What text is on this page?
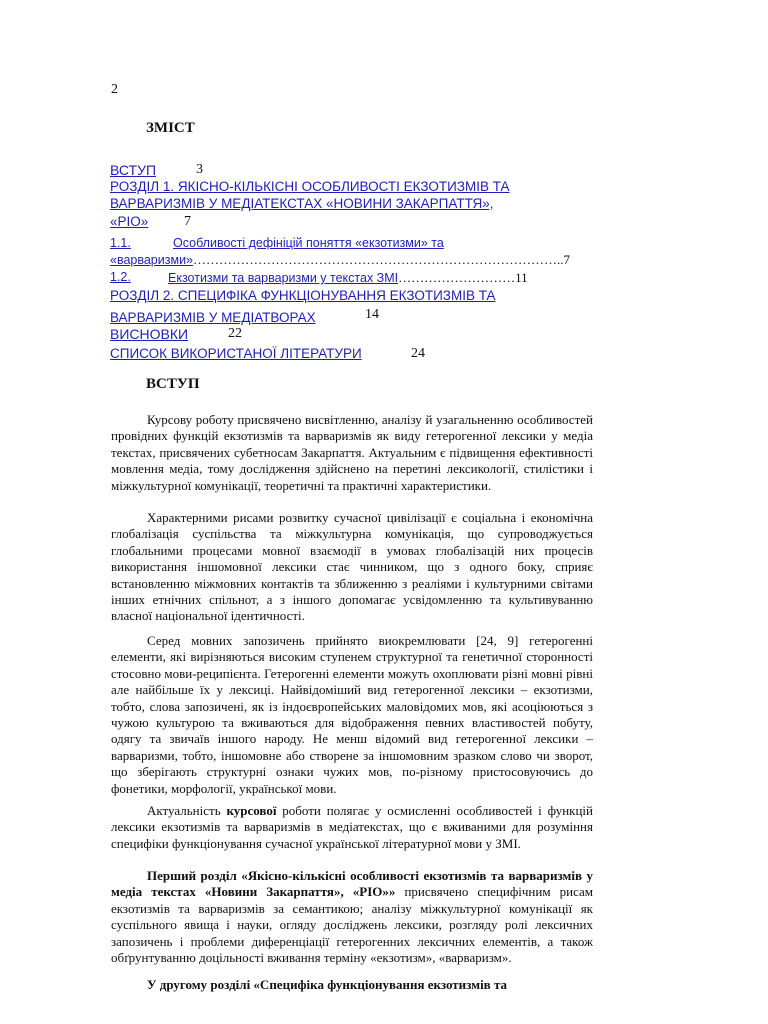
2
ЗМІСТ
ВСТУП	3
РОЗДІЛ 1. ЯКІСНО-КІЛЬКІСНІ ОСОБЛИВОСТІ ЕКЗОТИЗМІВ ТА
ВАРВАРИЗМІВ У МЕДІАТЕКСТАХ «НОВИНИ ЗАКАРПАТТЯ»,
«РІО»	7
1.1.	Особливості дефініцій поняття «екзотизми» та
«варваризми»…………………………………………………………………………..7
1.2.	Екзотизми та варваризми у текстах ЗМІ………………………11
РОЗДІЛ 2. СПЕЦИФІКА ФУНКЦІОНУВАННЯ ЕКЗОТИЗМІВ ТА
ВАРВАРИЗМІВ У МЕДІАТВОРАХ	14
ВИСНОВКИ	22
СПИСОК ВИКОРИСТАНОЇ ЛІТЕРАТУРИ	24
ВСТУП

Курсову роботу присвячено висвітленню, аналізу й узагальненню особливостей провідних функцій екзотизмів та варваризмів як виду гетерогенної лексики у медіа текстах, присвячених субетносам Закарпаття. Актуальним є підвищення ефективності мовлення медіа, тому дослідження здійснено на перетині лексикології, стилістики і міжкультурної комунікації, теоретичні та практичні характеристики.

Характерними рисами розвитку сучасної цивілізації є соціальна і економічна глобалізація суспільства та міжкультурна комунікація, що супроводжується глобальними процесами мовної взаємодії в умовах глобалізацій них процесів використання іншомовної лексики стає чинником, що з одного боку, сприяє встановленню міжмовних контактів та зближенню з реаліями і культурними світами інших етнічних спільнот, а з іншого допомагає усвідомленню та культивуванню власної національної ідентичності.

Серед мовних запозичень прийнято виокремлювати [24, 9] гетерогенні елементи, які вирізняються високим ступенем структурної та генетичної сторонності стосовно мови-реципієнта. Гетерогенні елементи можуть охоплювати різні мовні рівні але найбільше їх у лексиці. Найвідоміший вид гетерогенної лексики – екзотизми, тобто, слова запозичені, як із індоєвропейських маловідомих мов, які асоціюються з чужою культурою та вживаються для відображення певних властивостей побуту, одягу та звичаїв іншого народу. Не менш відомий вид гетерогенної лексики – варваризми, тобто, іншомовне або створене за іншомовним зразком слово чи зворот, що зберігають структурні ознаки чужих мов, по-різному пристосовуючись до фонетики, морфології, української мови.

Актуальність курсової роботи полягає у осмисленні особливостей і функцій лексики екзотизмів та варваризмів в медіатекстах, що є вживаними для розуміння специфіки функціонування сучасної української літературної мови у ЗМІ.

Перший розділ «Якісно-кількісні особливості екзотизмів та варваризмів у медіа текстах «Новини Закарпаття», «РІО»» присвячено специфічним рисам екзотизмів та варваризмів за семантикою; аналізу міжкультурної комунікації як суспільного явища і науки, огляду досліджень лексики, розгляду ролі лексичних запозичень і проблеми диференціації гетерогенних лексичних елементів, а також обґрунтуванню доцільності вживання терміну «екзотизм», «варваризм».

У другому розділі «Специфіка функціонування екзотизмів та
